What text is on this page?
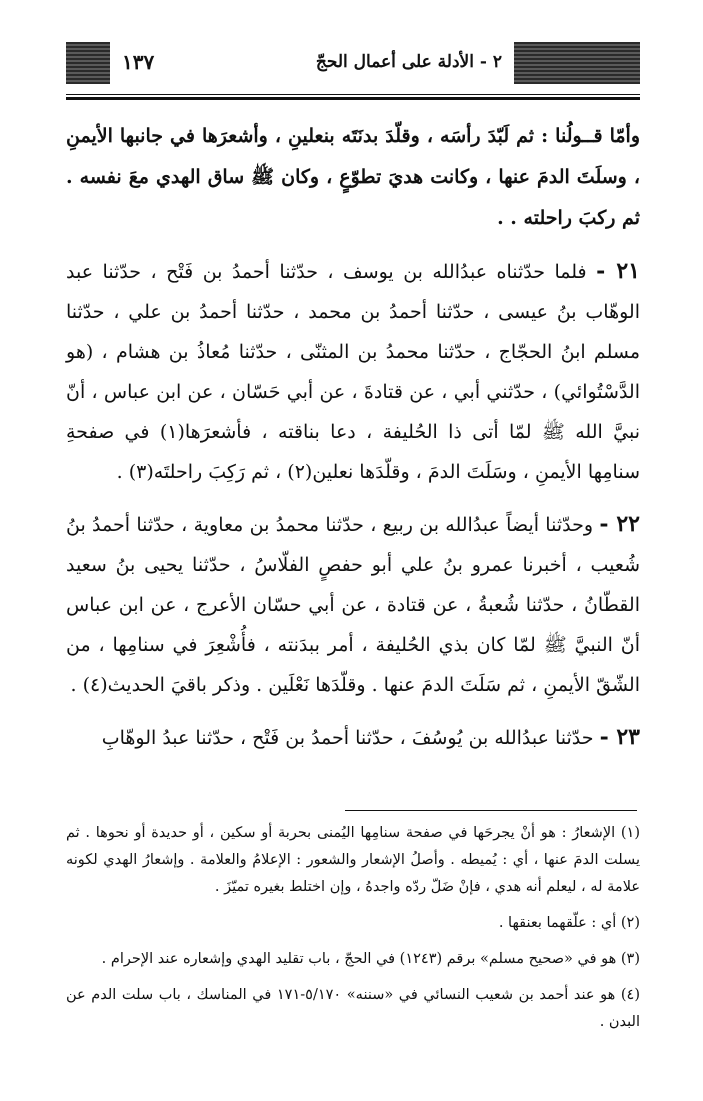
٢ - الأدلة على أعمال الحجّ
١٣٧

وأمّا قــولُنا : ثم لَبّدَ رأسَه ، وقلّدَ بدنَتَه بنعلينِ ، وأشعرَها في جانبها الأيمنِ ، وسلَتَ الدمَ عنها ، وكانت هديَ تطوّعٍ ، وكان ﷺ ساق الهدي معَ نفسه . ثم ركبَ راحلته . .

٢١ - فلما حدّثناه عبدُالله بن يوسف ، حدّثنا أحمدُ بن فَتْح ، حدّثنا عبد الوهّاب بنُ عيسى ، حدّثنا أحمدُ بن محمد ، حدّثنا أحمدُ بن علي ، حدّثنا مسلم ابنُ الحجّاج ، حدّثنا محمدُ بن المثنّى ، حدّثنا مُعاذُ بن هشام ، (هو الدَّسْتُوائي) ، حدّثني أبي ، عن قتادةَ ، عن أبي حَسّان ، عن ابن عباس ، أنّ نبيَّ الله ﷺ لمّا أتى ذا الحُليفة ، دعا بناقته ، فأشعرَها(١) في صفحةِ سنامِها الأيمنِ ، وسَلَتَ الدمَ ، وقلّدَها نعلين(٢) ، ثم رَكِبَ راحلتَه(٣) .

٢٢ - وحدّثنا أيضاً عبدُالله بن ربيع ، حدّثنا محمدُ بن معاوية ، حدّثنا أحمدُ بنُ شُعيب ، أخبرنا عمرو بنُ علي أبو حفصٍ الفلّاسُ ، حدّثنا يحيى بنُ سعيد القطّانُ ، حدّثنا شُعبةُ ، عن قتادة ، عن أبي حسّان الأعرج ، عن ابن عباس أنّ النبيَّ ﷺ لمّا كان بذي الحُليفة ، أمر ببدَنته ، فأُشْعِرَ في سنامِها ، من الشّقّ الأيمنِ ، ثم سَلَتَ الدمَ عنها . وقلّدَها نَعْلَين . وذكر باقيَ الحديث(٤) .

٢٣ - حدّثنا عبدُالله بن يُوسُفَ ، حدّثنا أحمدُ بن فَتْح ، حدّثنا عبدُ الوهّابِ

(١) الإشعارُ : هو أنْ يجرحَها في صفحة سنامِها اليُمنى بحربة أو سكين ، أو حديدة أو نحوها . ثم يسلت الدمَ عنها ، أي : يُميطه . وأصلُ الإشعار والشعور : الإعلامُ والعلامة . وإشعارُ الهدي لكونه علامة له ، ليعلم أنه هدي ، فإنْ ضَلّ ردّه واجدهُ ، وإن اختلط بغيره تميّزَ .

(٢) أي : علّقهما بعنقها .

(٣) هو في «صحيح مسلم» برقم (١٢٤٣) في الحجّ ، باب تقليد الهدي وإشعاره عند الإحرام .

(٤) هو عند أحمد بن شعيب النسائي في «سننه» ٥/١٧٠-١٧١ في المناسك ، باب سلت الدم عن البدن .
